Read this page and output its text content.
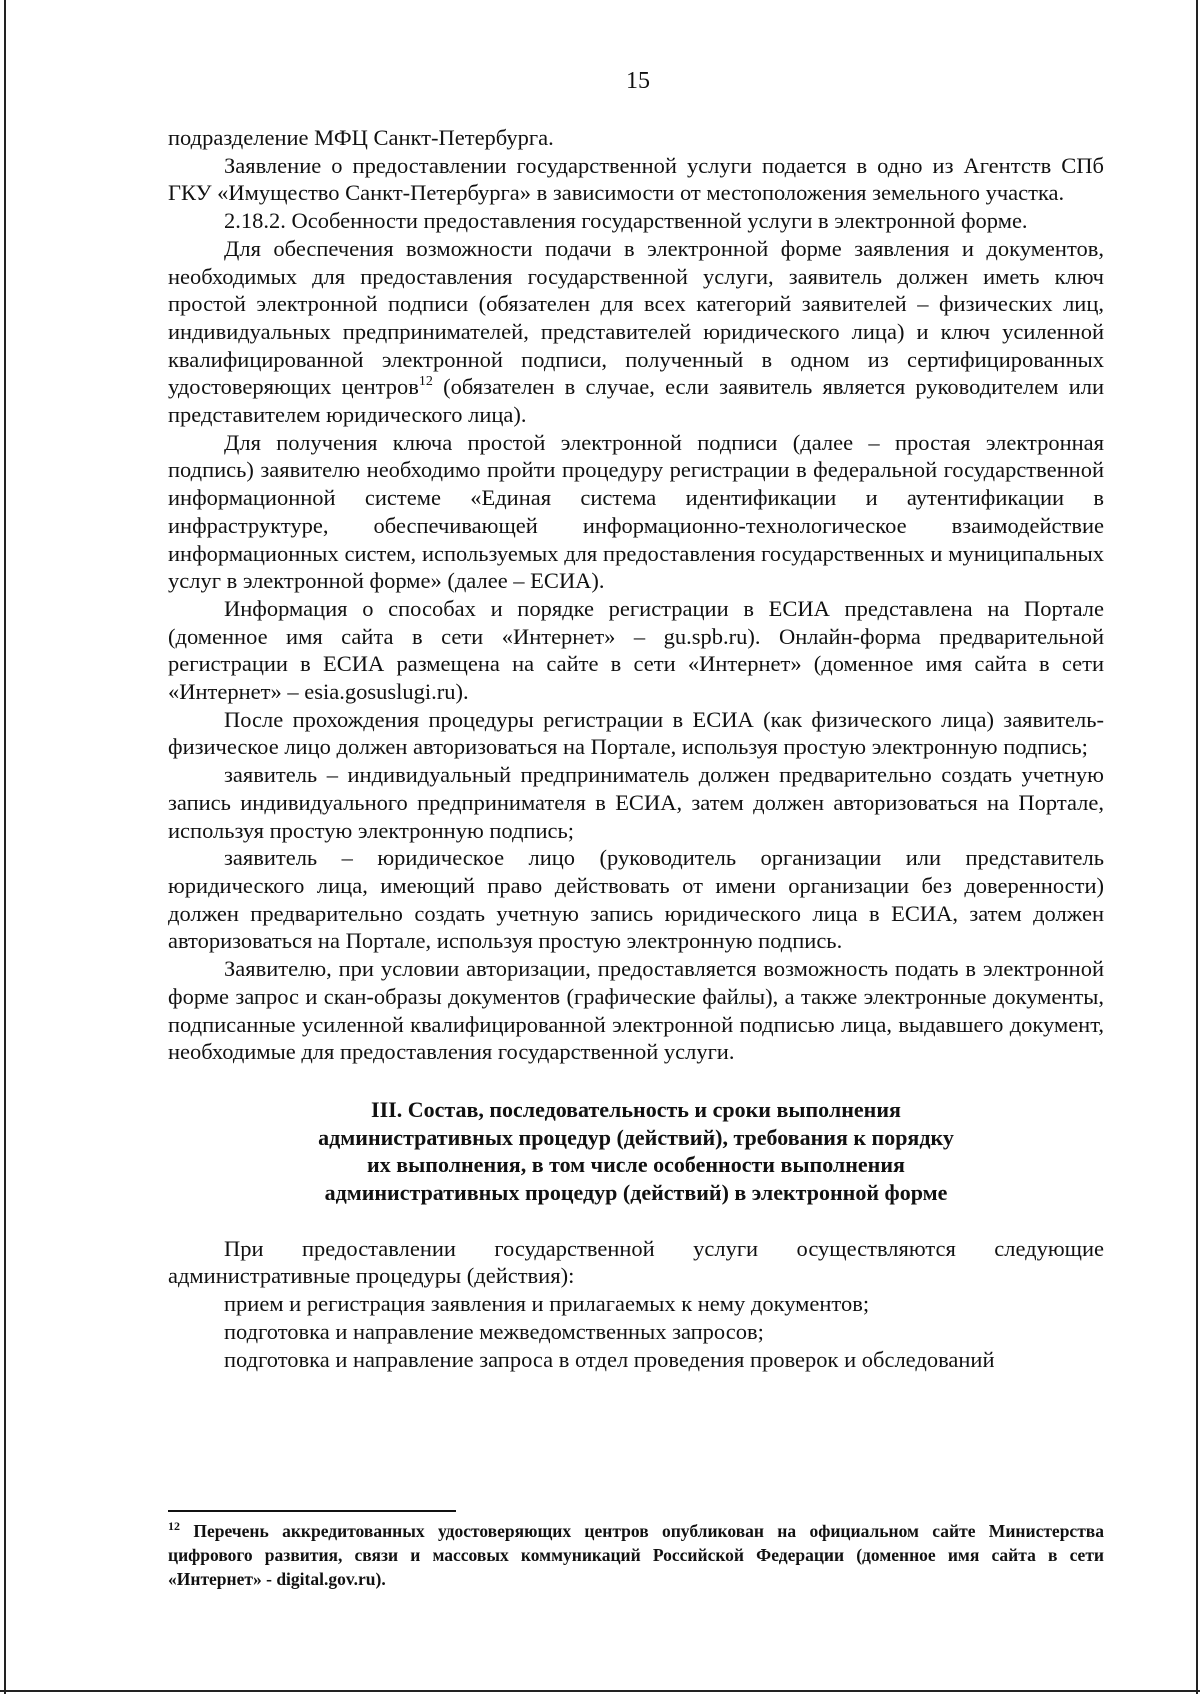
15

подразделение МФЦ Санкт-Петербурга.

Заявление о предоставлении государственной услуги подается в одно из Агентств СПб ГКУ «Имущество Санкт-Петербурга» в зависимости от местоположения земельного участка.

2.18.2. Особенности предоставления государственной услуги в электронной форме.

Для обеспечения возможности подачи в электронной форме заявления и документов, необходимых для предоставления государственной услуги, заявитель должен иметь ключ простой электронной подписи (обязателен для всех категорий заявителей – физических лиц, индивидуальных предпринимателей, представителей юридического лица) и ключ усиленной квалифицированной электронной подписи, полученный в одном из сертифицированных удостоверяющих центров$^{12}$ (обязателен в случае, если заявитель является руководителем или представителем юридического лица).

Для получения ключа простой электронной подписи (далее – простая электронная подпись) заявителю необходимо пройти процедуру регистрации в федеральной государственной информационной системе «Единая система идентификации и аутентификации в инфраструктуре, обеспечивающей информационно-технологическое взаимодействие информационных систем, используемых для предоставления государственных и муниципальных услуг в электронной форме» (далее – ЕСИА).

Информация о способах и порядке регистрации в ЕСИА представлена на Портале (доменное имя сайта в сети «Интернет» – gu.spb.ru). Онлайн-форма предварительной регистрации в ЕСИА размещена на сайте в сети «Интернет» (доменное имя сайта в сети «Интернет» – esia.gosuslugi.ru).

После прохождения процедуры регистрации в ЕСИА (как физического лица) заявитель-физическое лицо должен авторизоваться на Портале, используя простую электронную подпись;

заявитель – индивидуальный предприниматель должен предварительно создать учетную запись индивидуального предпринимателя в ЕСИА, затем должен авторизоваться на Портале, используя простую электронную подпись;

заявитель – юридическое лицо (руководитель организации или представитель юридического лица, имеющий право действовать от имени организации без доверенности) должен предварительно создать учетную запись юридического лица в ЕСИА, затем должен авторизоваться на Портале, используя простую электронную подпись.

Заявителю, при условии авторизации, предоставляется возможность подать в электронной форме запрос и скан-образы документов (графические файлы), а также электронные документы, подписанные усиленной квалифицированной электронной подписью лица, выдавшего документ, необходимые для предоставления государственной услуги.

III. Состав, последовательность и сроки выполнения
административных процедур (действий), требования к порядку
их выполнения, в том числе особенности выполнения
административных процедур (действий) в электронной форме

При предоставлении государственной услуги осуществляются следующие административные процедуры (действия):

прием и регистрация заявления и прилагаемых к нему документов;

подготовка и направление межведомственных запросов;

подготовка и направление запроса в отдел проведения проверок и обследований

$^{12}$ Перечень аккредитованных удостоверяющих центров опубликован на официальном сайте Министерства цифрового развития, связи и массовых коммуникаций Российской Федерации (доменное имя сайта в сети «Интернет» - digital.gov.ru).
